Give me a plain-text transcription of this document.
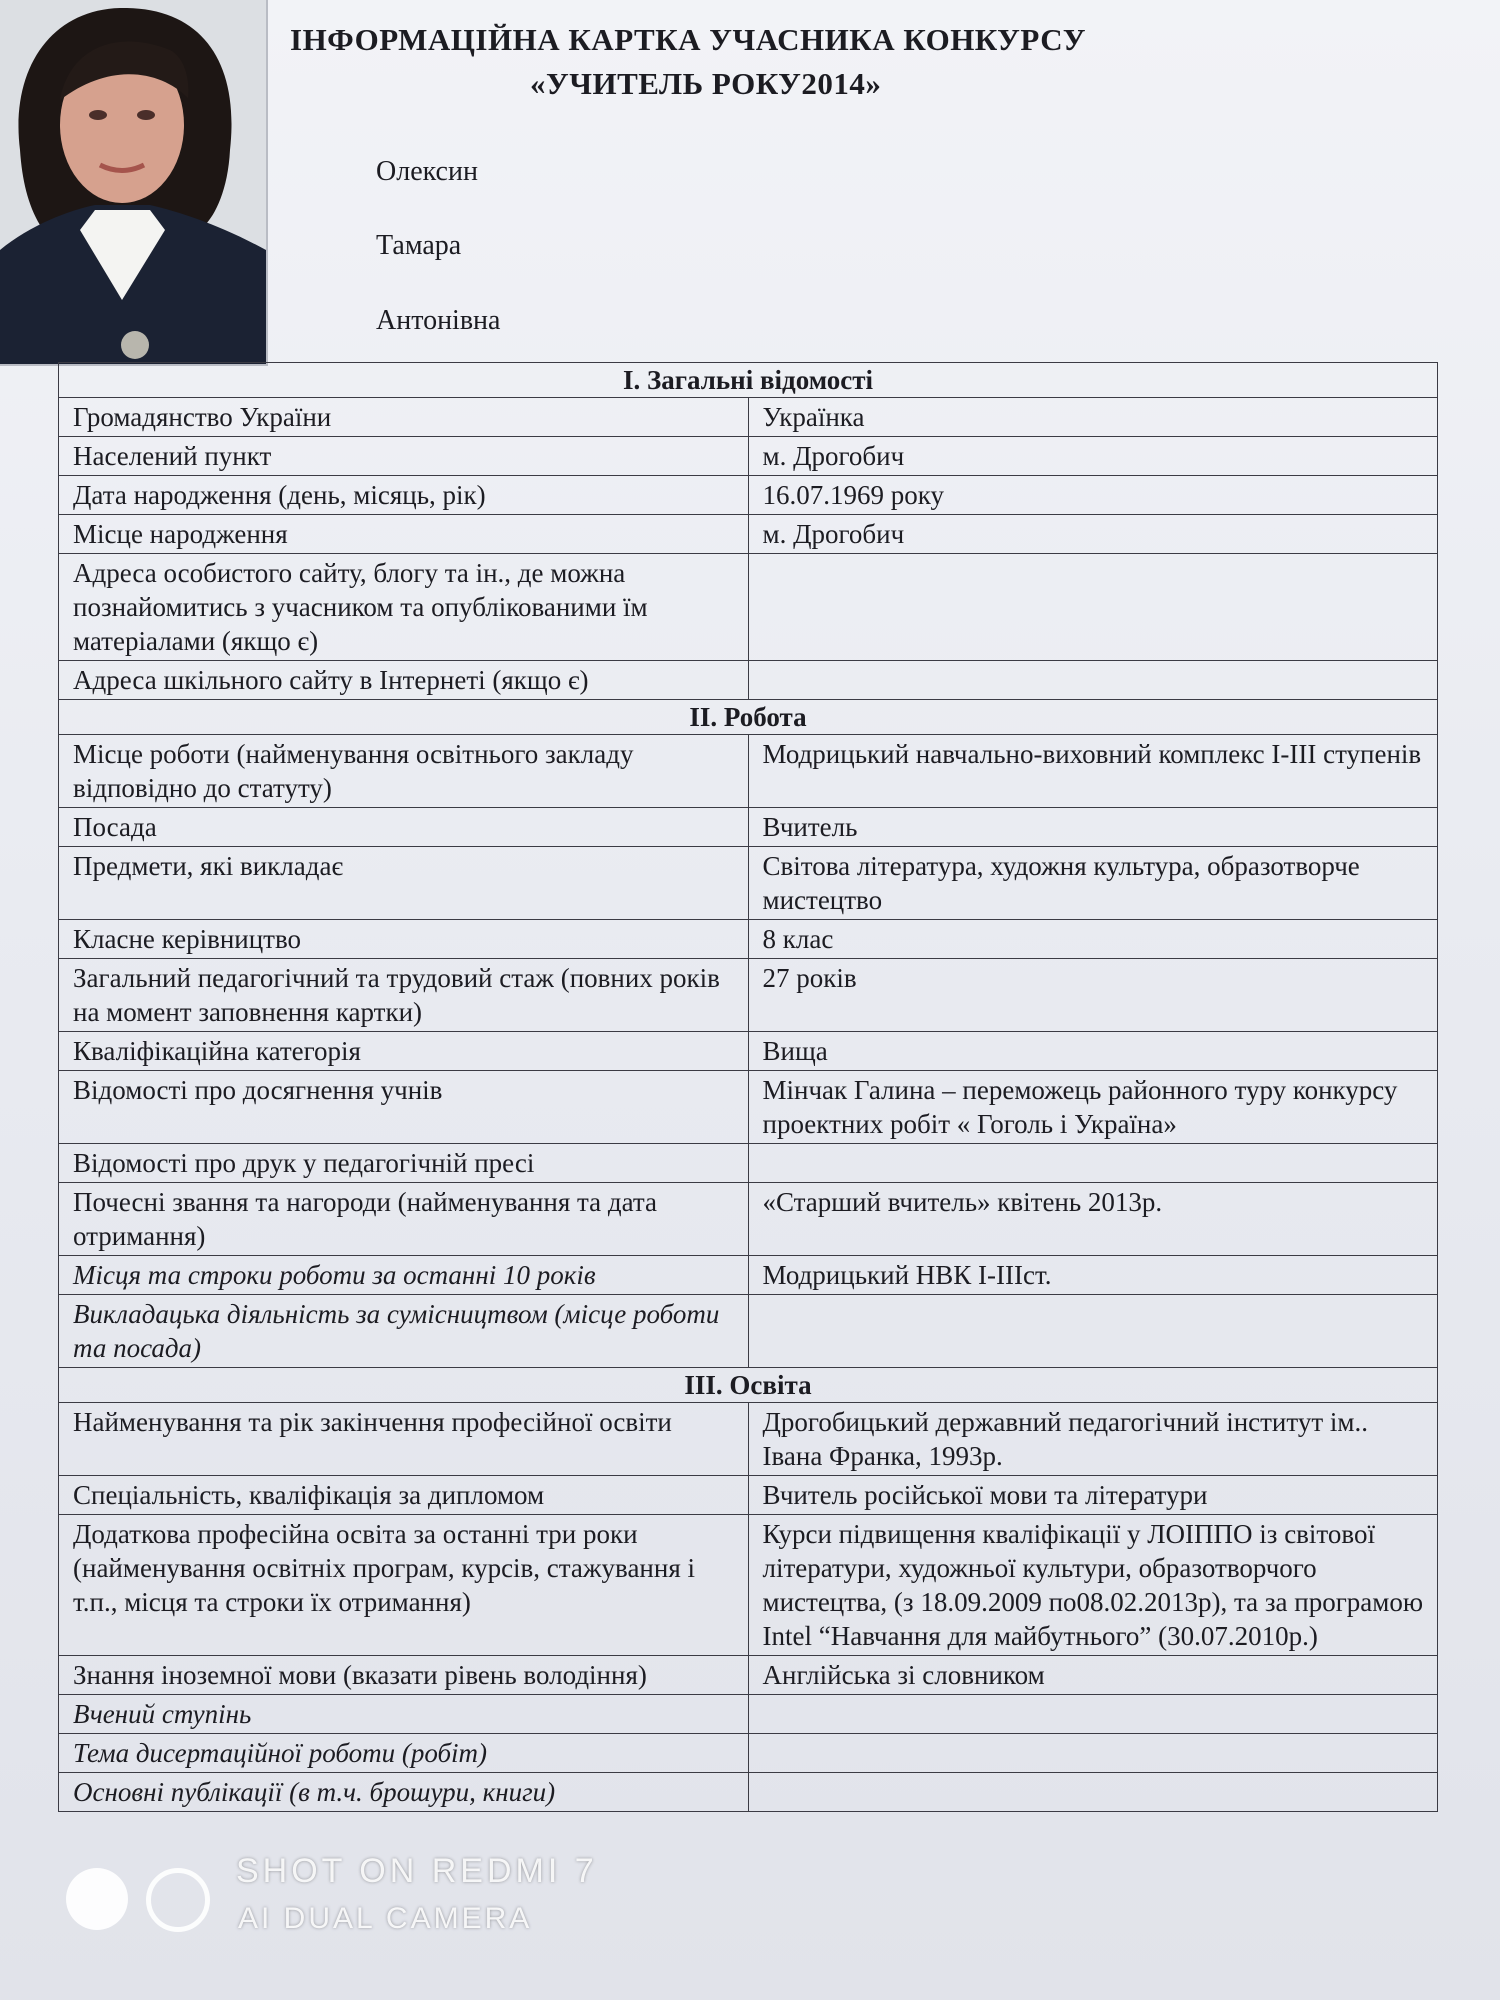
ІНФОРМАЦІЙНА КАРТКА УЧАСНИКА КОНКУРСУ

«УЧИТЕЛЬ РОКУ2014»
Олексин
Тамара
Антонівна
І. Загальні відомості	
Громадянство України	Українка
Населений пункт	м. Дрогобич
Дата народження (день, місяць, рік)	16.07.1969 року
Місце народження	м. Дрогобич
Адреса особистого сайту, блогу та ін., де можна познайомитись з учасником та опублікованими їм матеріалами (якщо є)	
Адреса шкільного сайту в Інтернеті (якщо є)	
ІІ. Робота	
Місце роботи (найменування освітнього закладу відповідно до статуту)	Модрицький навчально-виховний комплекс І-ІІІ ступенів
Посада	Вчитель
Предмети, які викладає	Світова література, художня культура, образотворче мистецтво
Класне керівництво	8 клас
Загальний педагогічний та трудовий стаж (повних років на момент заповнення картки)	27 років
Кваліфікаційна категорія	Вища
Відомості про досягнення учнів	Мінчак Галина – переможець районного туру конкурсу проектних робіт « Гоголь і Україна»
Відомості про друк у педагогічній пресі	
Почесні звання та нагороди (найменування та дата отримання)	«Старший вчитель» квітень 2013р.
Місця та строки роботи за останні 10 років	Модрицький НВК І-ІІІст.
Викладацька діяльність за сумісництвом (місце роботи та посада)	
ІІІ. Освіта	
Найменування та рік закінчення професійної освіти	Дрогобицький державний педагогічний інститут ім.. Івана Франка, 1993р.
Спеціальність, кваліфікація за дипломом	Вчитель російської мови та літератури
Додаткова професійна освіта за останні три роки (найменування освітніх програм, курсів, стажування і т.п., місця та строки їх отримання)	Курси підвищення кваліфікації у ЛОІППО із світової літератури, художньої культури, образотворчого мистецтва, (з 18.09.2009 по08.02.2013р), та за програмою Intel “Навчання для майбутнього” (30.07.2010р.)
Знання іноземної мови (вказати рівень володіння)	Англійська зі словником
Вчений ступінь	
Тема дисертаційної роботи (робіт)	
Основні публікації (в т.ч. брошури, книги)	
SHOT ON REDMI 7
AI DUAL CAMERA
